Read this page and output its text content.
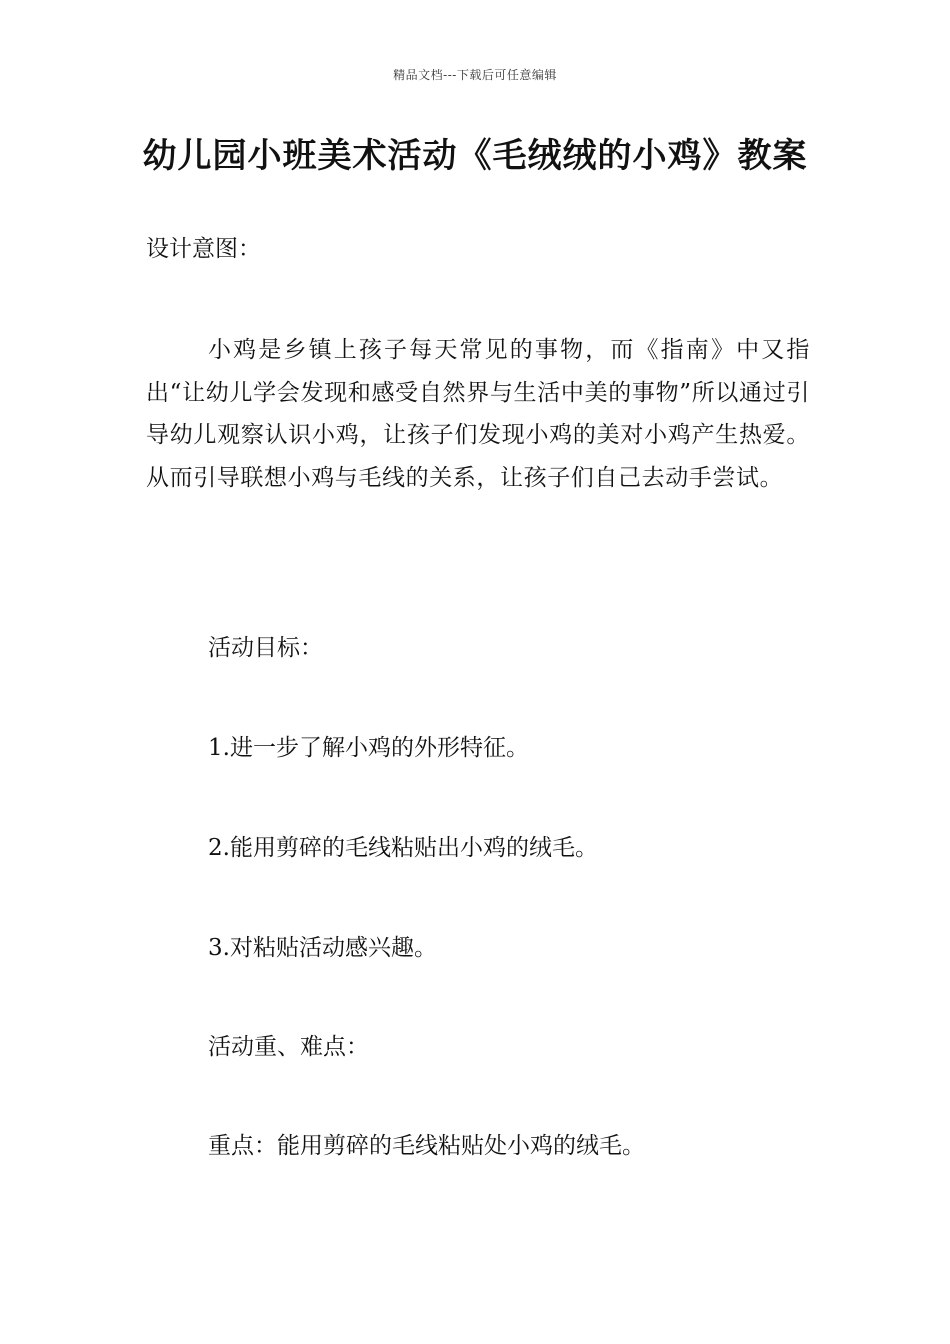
精品文档---下载后可任意编辑
幼儿园小班美术活动《毛绒绒的小鸡》教案
设计意图：
小鸡是乡镇上孩子每天常见的事物，而《指南》中又指出“让幼儿学会发现和感受自然界与生活中美的事物”所以通过引导幼儿观察认识小鸡，让孩子们发现小鸡的美对小鸡产生热爱。从而引导联想小鸡与毛线的关系，让孩子们自己去动手尝试。
活动目标：
1.进一步了解小鸡的外形特征。
2.能用剪碎的毛线粘贴出小鸡的绒毛。
3.对粘贴活动感兴趣。
活动重、难点：
重点：能用剪碎的毛线粘贴处小鸡的绒毛。
